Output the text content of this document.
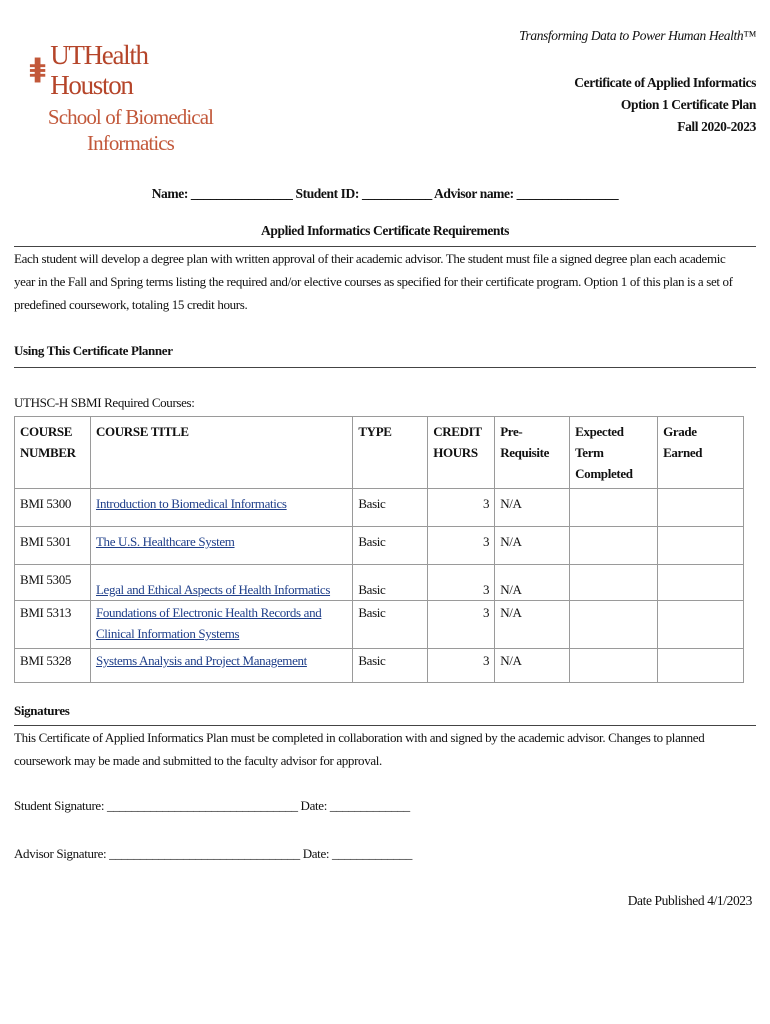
UTHealth Houston
School of Biomedical
Informatics
Transforming Data to Power Human Health™
Certificate of Applied Informatics
Option 1 Certificate Plan
Fall 2020-2023
Name: ________________ Student ID: ___________ Advisor name: ________________
Applied Informatics Certificate Requirements
Each student will develop a degree plan with written approval of their academic advisor. The student must file a signed degree plan each academic year in the Fall and Spring terms listing the required and/or elective courses as specified for their certificate program. Option 1 of this plan is a set of predefined coursework, totaling 15 credit hours.
Using This Certificate Planner
UTHSC-H SBMI Required Courses:
COURSE NUMBER	COURSE TITLE	TYPE	CREDIT HOURS	Pre-Requisite	Expected Term Completed	Grade Earned
BMI 5300	Introduction to Biomedical Informatics	Basic	3	N/A		
BMI 5301	The U.S. Healthcare System	Basic	3	N/A		
BMI 5305	Legal and Ethical Aspects of Health Informatics	Basic	3	N/A		
BMI 5313	Foundations of Electronic Health Records and Clinical Information Systems	Basic	3	N/A		
BMI 5328	Systems Analysis and Project Management	Basic	3	N/A		
Signatures
This Certificate of Applied Informatics Plan must be completed in collaboration with and signed by the academic advisor. Changes to planned coursework may be made and submitted to the faculty advisor for approval.
Student Signature: _______________________________ Date: _____________
Advisor Signature: _______________________________ Date: _____________
Date Published 4/1/2023
